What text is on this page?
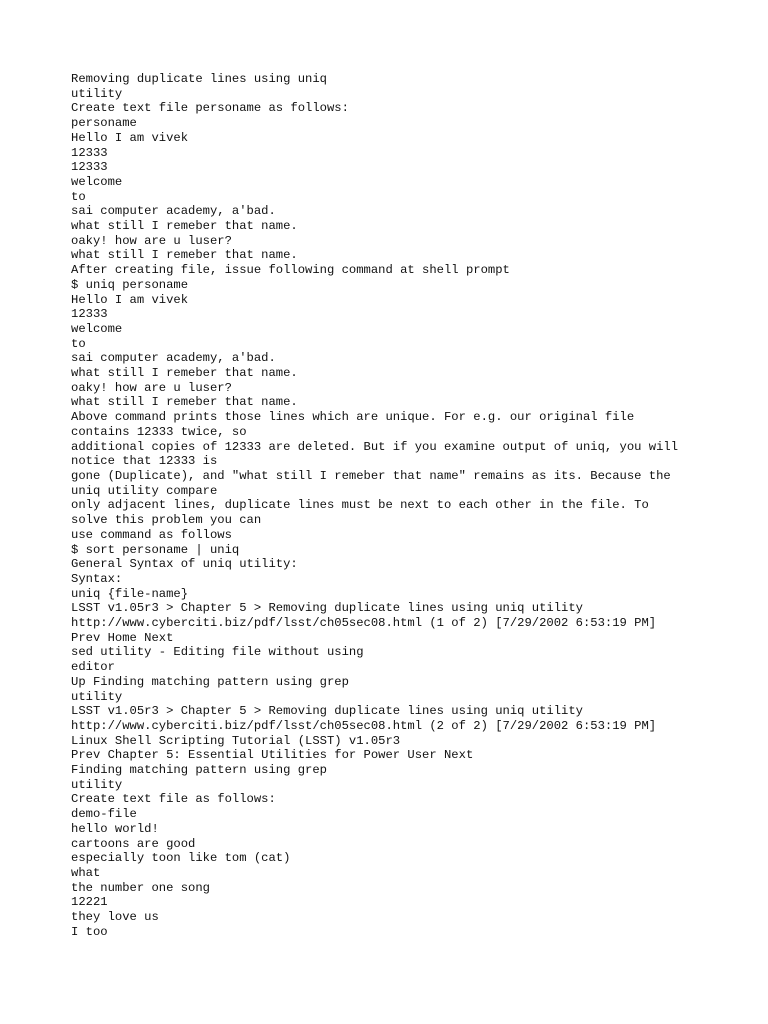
Removing duplicate lines using uniq
utility
Create text file personame as follows:
personame
Hello I am vivek
12333
12333
welcome
to
sai computer academy, a'bad.
what still I remeber that name.
oaky! how are u luser?
what still I remeber that name.
After creating file, issue following command at shell prompt
$ uniq personame
Hello I am vivek
12333
welcome
to
sai computer academy, a'bad.
what still I remeber that name.
oaky! how are u luser?
what still I remeber that name.
Above command prints those lines which are unique. For e.g. our original file
contains 12333 twice, so
additional copies of 12333 are deleted. But if you examine output of uniq, you will
notice that 12333 is
gone (Duplicate), and "what still I remeber that name" remains as its. Because the
uniq utility compare
only adjacent lines, duplicate lines must be next to each other in the file. To
solve this problem you can
use command as follows
$ sort personame | uniq
General Syntax of uniq utility:
Syntax:
uniq {file-name}
LSST v1.05r3 > Chapter 5 > Removing duplicate lines using uniq utility
http://www.cyberciti.biz/pdf/lsst/ch05sec08.html (1 of 2) [7/29/2002 6:53:19 PM]
Prev Home Next
sed utility - Editing file without using
editor
Up Finding matching pattern using grep
utility
LSST v1.05r3 > Chapter 5 > Removing duplicate lines using uniq utility
http://www.cyberciti.biz/pdf/lsst/ch05sec08.html (2 of 2) [7/29/2002 6:53:19 PM]
Linux Shell Scripting Tutorial (LSST) v1.05r3
Prev Chapter 5: Essential Utilities for Power User Next
Finding matching pattern using grep
utility
Create text file as follows:
demo-file
hello world!
cartoons are good
especially toon like tom (cat)
what
the number one song
12221
they love us
I too
